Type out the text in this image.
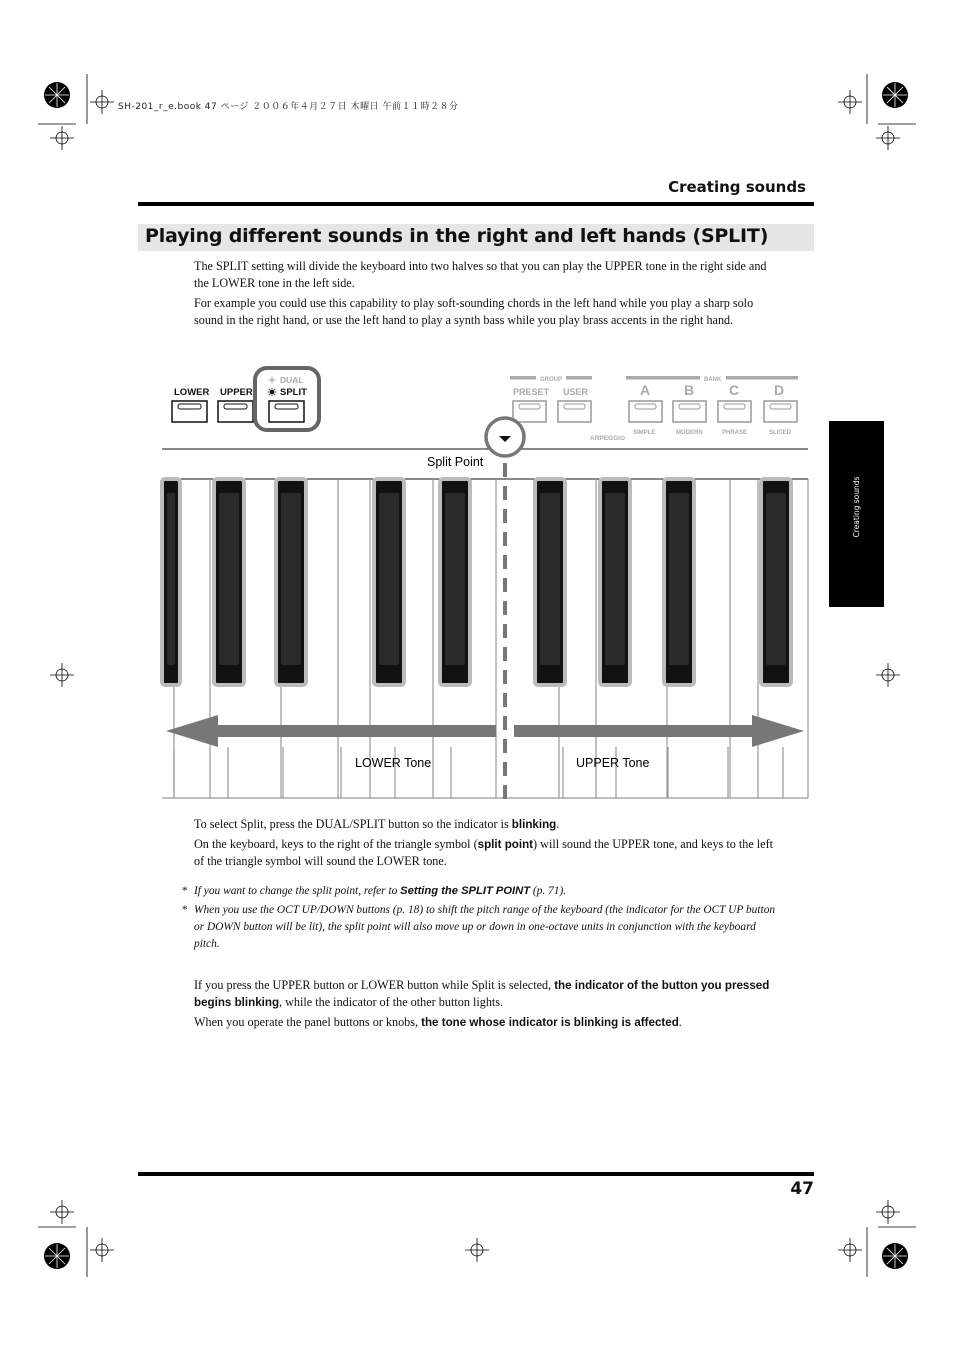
SH-201_r_e.book 47 ページ ２００６年４月２７日 木曜日 午前１１時２８分
Creating sounds
Playing different sounds in the right and left hands (SPLIT)
The SPLIT setting will divide the keyboard into two halves so that you can play the UPPER tone in the right side and the LOWER tone in the left side.
For example you could use this capability to play soft-sounding chords in the left hand while you play a sharp solo sound in the right hand, or use the left hand to play a synth bass while you play brass accents in the right hand.
LOWER UPPER
DUAL
SPLIT
GROUP
PRESET USER
BANK
A B C D
ARPEGGIO
SIMPLE	MODERN	PHRASE	SLICED
Split Point
LOWER Tone	UPPER Tone

To select Split, press the DUAL/SPLIT button so the indicator is blinking.

On the keyboard, keys to the right of the triangle symbol (split point) will sound the UPPER tone, and keys to the left of the triangle symbol will sound the LOWER tone.

* If you want to change the split point, refer to Setting the SPLIT POINT (p. 71).
* When you use the OCT UP/DOWN buttons (p. 18) to shift the pitch range of the keyboard (the indicator for the OCT UP button or DOWN button will be lit), the split point will also move up or down in one-octave units in conjunction with the keyboard pitch.

If you press the UPPER button or LOWER button while Split is selected, the indicator of the button you pressed begins blinking, while the indicator of the other button lights.

When you operate the panel buttons or knobs, the tone whose indicator is blinking is affected.

Creating sounds
47
